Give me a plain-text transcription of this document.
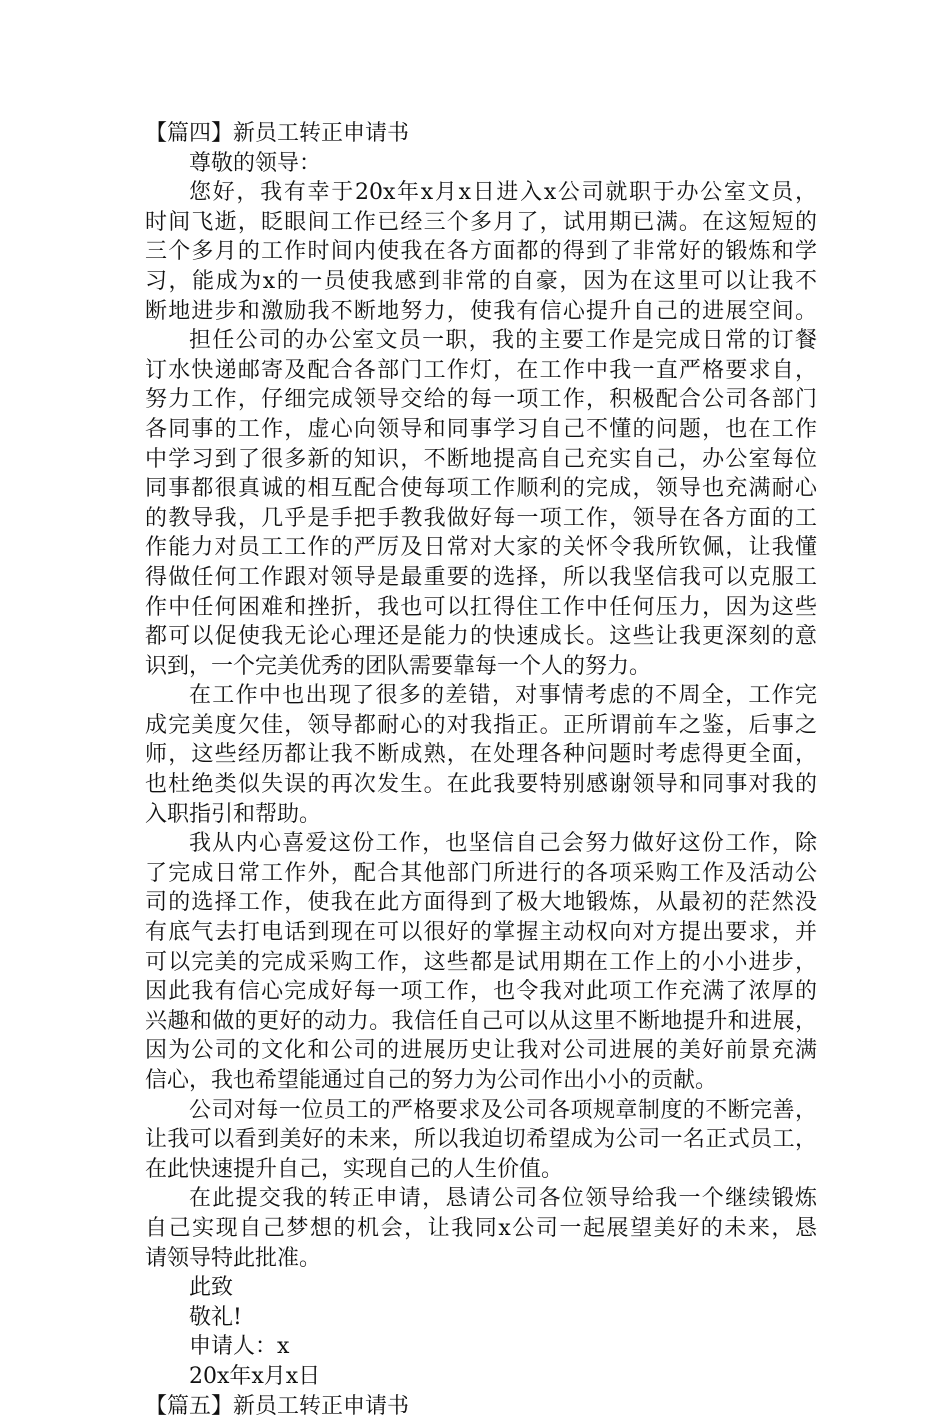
【篇四】新员工转正申请书
尊敬的领导：
您好，我有幸于20x年x月x日进入x公司就职于办公室文员，
时间飞逝，眨眼间工作已经三个多月了，试用期已满。在这短短的
三个多月的工作时间内使我在各方面都的得到了非常好的锻炼和学
习，能成为x的一员使我感到非常的自豪，因为在这里可以让我不
断地进步和激励我不断地努力，使我有信心提升自己的进展空间。
担任公司的办公室文员一职，我的主要工作是完成日常的订餐
订水快递邮寄及配合各部门工作灯，在工作中我一直严格要求自，
努力工作，仔细完成领导交给的每一项工作，积极配合公司各部门
各同事的工作，虚心向领导和同事学习自己不懂的问题，也在工作
中学习到了很多新的知识，不断地提高自己充实自己，办公室每位
同事都很真诚的相互配合使每项工作顺利的完成，领导也充满耐心
的教导我，几乎是手把手教我做好每一项工作，领导在各方面的工
作能力对员工工作的严厉及日常对大家的关怀令我所钦佩，让我懂
得做任何工作跟对领导是最重要的选择，所以我坚信我可以克服工
作中任何困难和挫折，我也可以扛得住工作中任何压力，因为这些
都可以促使我无论心理还是能力的快速成长。这些让我更深刻的意
识到，一个完美优秀的团队需要靠每一个人的努力。
在工作中也出现了很多的差错，对事情考虑的不周全，工作完
成完美度欠佳，领导都耐心的对我指正。正所谓前车之鉴，后事之
师，这些经历都让我不断成熟，在处理各种问题时考虑得更全面，
也杜绝类似失误的再次发生。在此我要特别感谢领导和同事对我的
入职指引和帮助。
我从内心喜爱这份工作，也坚信自己会努力做好这份工作，除
了完成日常工作外，配合其他部门所进行的各项采购工作及活动公
司的选择工作，使我在此方面得到了极大地锻炼，从最初的茫然没
有底气去打电话到现在可以很好的掌握主动权向对方提出要求，并
可以完美的完成采购工作，这些都是试用期在工作上的小小进步，
因此我有信心完成好每一项工作，也令我对此项工作充满了浓厚的
兴趣和做的更好的动力。我信任自己可以从这里不断地提升和进展，
因为公司的文化和公司的进展历史让我对公司进展的美好前景充满
信心，我也希望能通过自己的努力为公司作出小小的贡献。
公司对每一位员工的严格要求及公司各项规章制度的不断完善，
让我可以看到美好的未来，所以我迫切希望成为公司一名正式员工，
在此快速提升自己，实现自己的人生价值。
在此提交我的转正申请，恳请公司各位领导给我一个继续锻炼
自己实现自己梦想的机会，让我同x公司一起展望美好的未来，恳
请领导特此批准。
此致
敬礼!
申请人：x
20x年x月x日
【篇五】新员工转正申请书
